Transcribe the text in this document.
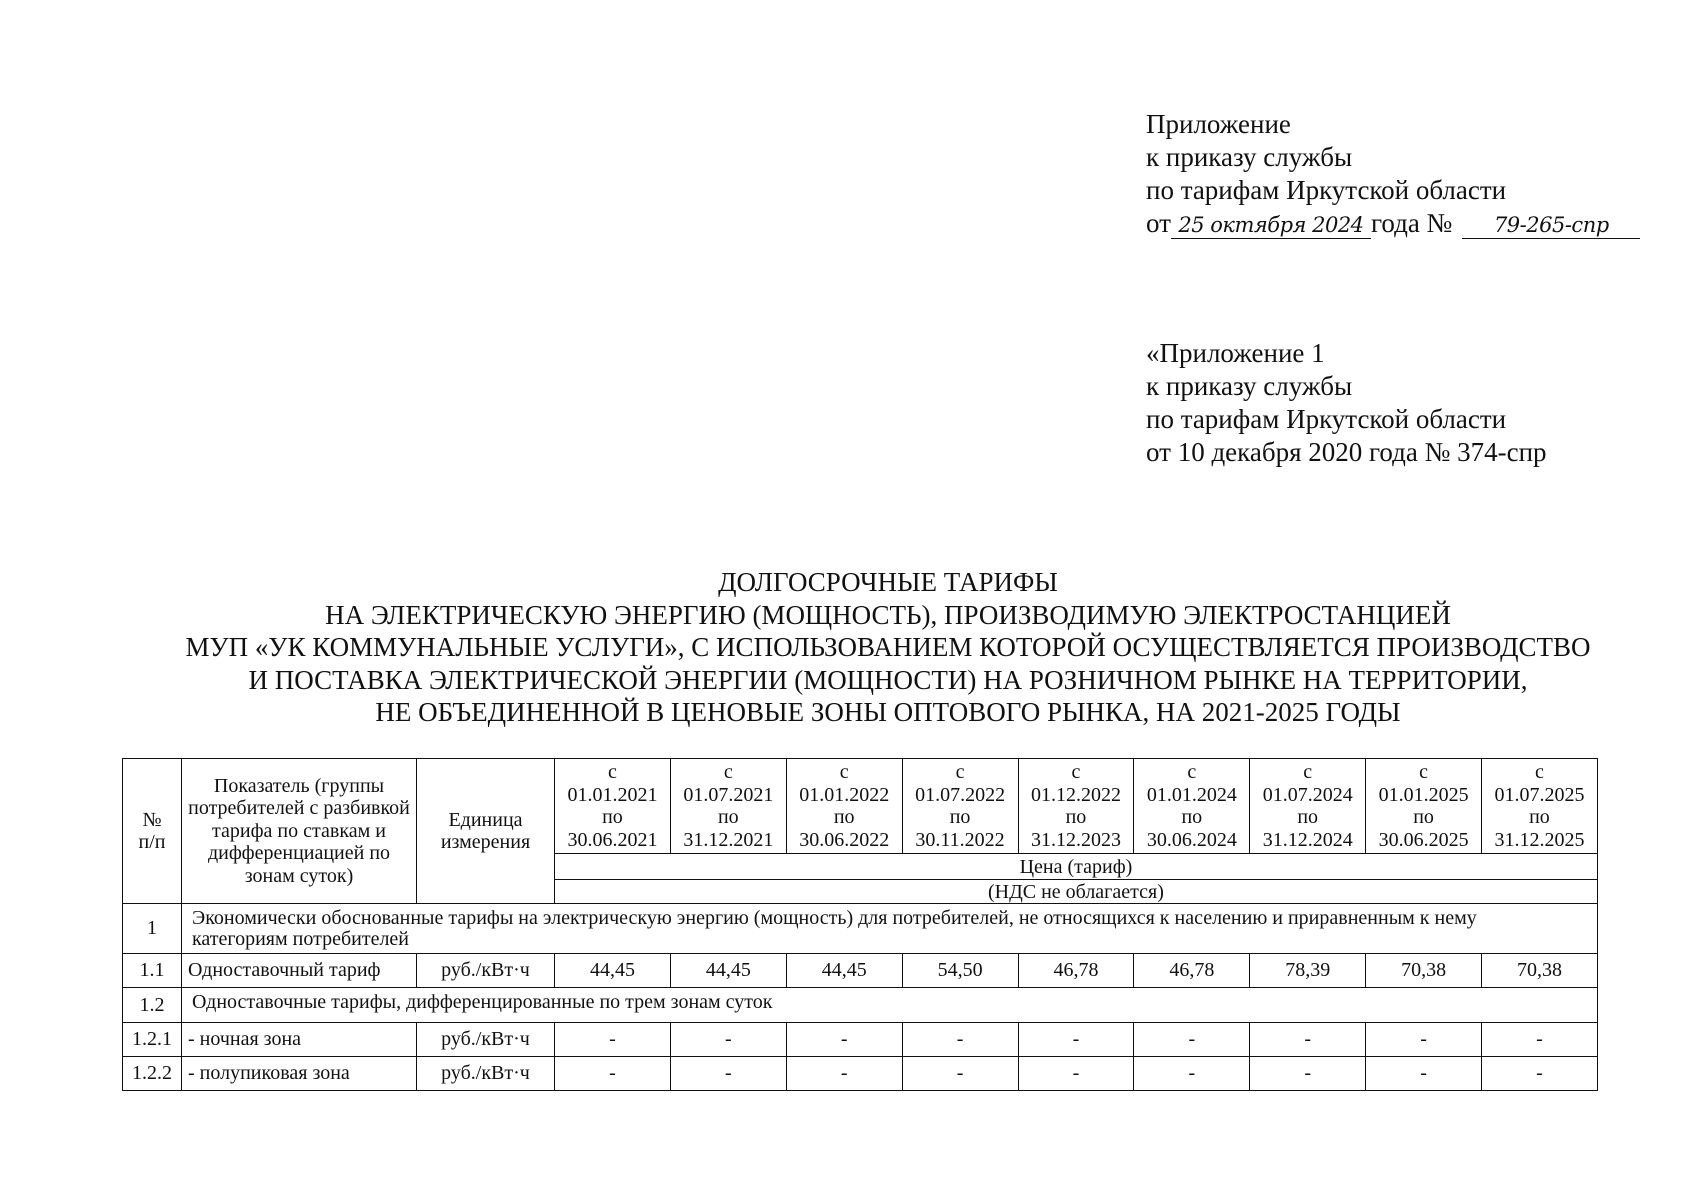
Приложение
к приказу службы
по тарифам Иркутской области
от 25 октября 2024 года № 79-265-спр
«Приложение 1
к приказу службы
по тарифам Иркутской области
от 10 декабря 2020 года № 374-спр
ДОЛГОСРОЧНЫЕ ТАРИФЫ
НА ЭЛЕКТРИЧЕСКУЮ ЭНЕРГИЮ (МОЩНОСТЬ), ПРОИЗВОДИМУЮ ЭЛЕКТРОСТАНЦИЕЙ
МУП «УК КОММУНАЛЬНЫЕ УСЛУГИ», С ИСПОЛЬЗОВАНИЕМ КОТОРОЙ ОСУЩЕСТВЛЯЕТСЯ ПРОИЗВОДСТВО
И ПОСТАВКА ЭЛЕКТРИЧЕСКОЙ ЭНЕРГИИ (МОЩНОСТИ) НА РОЗНИЧНОМ РЫНКЕ НА ТЕРРИТОРИИ,
НЕ ОБЪЕДИНЕННОЙ В ЦЕНОВЫЕ ЗОНЫ ОПТОВОГО РЫНКА, НА 2021-2025 ГОДЫ
№
п/п	Показатель (группы потребителей с разбивкой тарифа по ставкам и дифференциацией по зонам суток)	Единица измерения	с
01.01.2021
по
30.06.2021	с
01.07.2021
по
31.12.2021	с
01.01.2022
по
30.06.2022	с
01.07.2022
по
30.11.2022	с
01.12.2022
по
31.12.2023	с
01.01.2024
по
30.06.2024	с
01.07.2024
по
31.12.2024	с
01.01.2025
по
30.06.2025	с
01.07.2025
по
31.12.2025

			Цена (тариф)								
			(НДС не облагается)								
1	Экономически обоснованные тарифы на электрическую энергию (мощность) для потребителей, не относящихся к населению и приравненным к нему категориям потребителей										

1.1	Одноставочный тариф	руб./кВт·ч	44,45	44,45	44,45	54,50	46,78	46,78	78,39	70,38	70,38
1.2	Одноставочные тарифы, дифференцированные по трем зонам суток										

1.2.1	- ночная зона	руб./кВт·ч	-	-	-	-	-	-	-	-	-
1.2.2	- полупиковая зона	руб./кВт·ч	-	-	-	-	-	-	-	-	-
